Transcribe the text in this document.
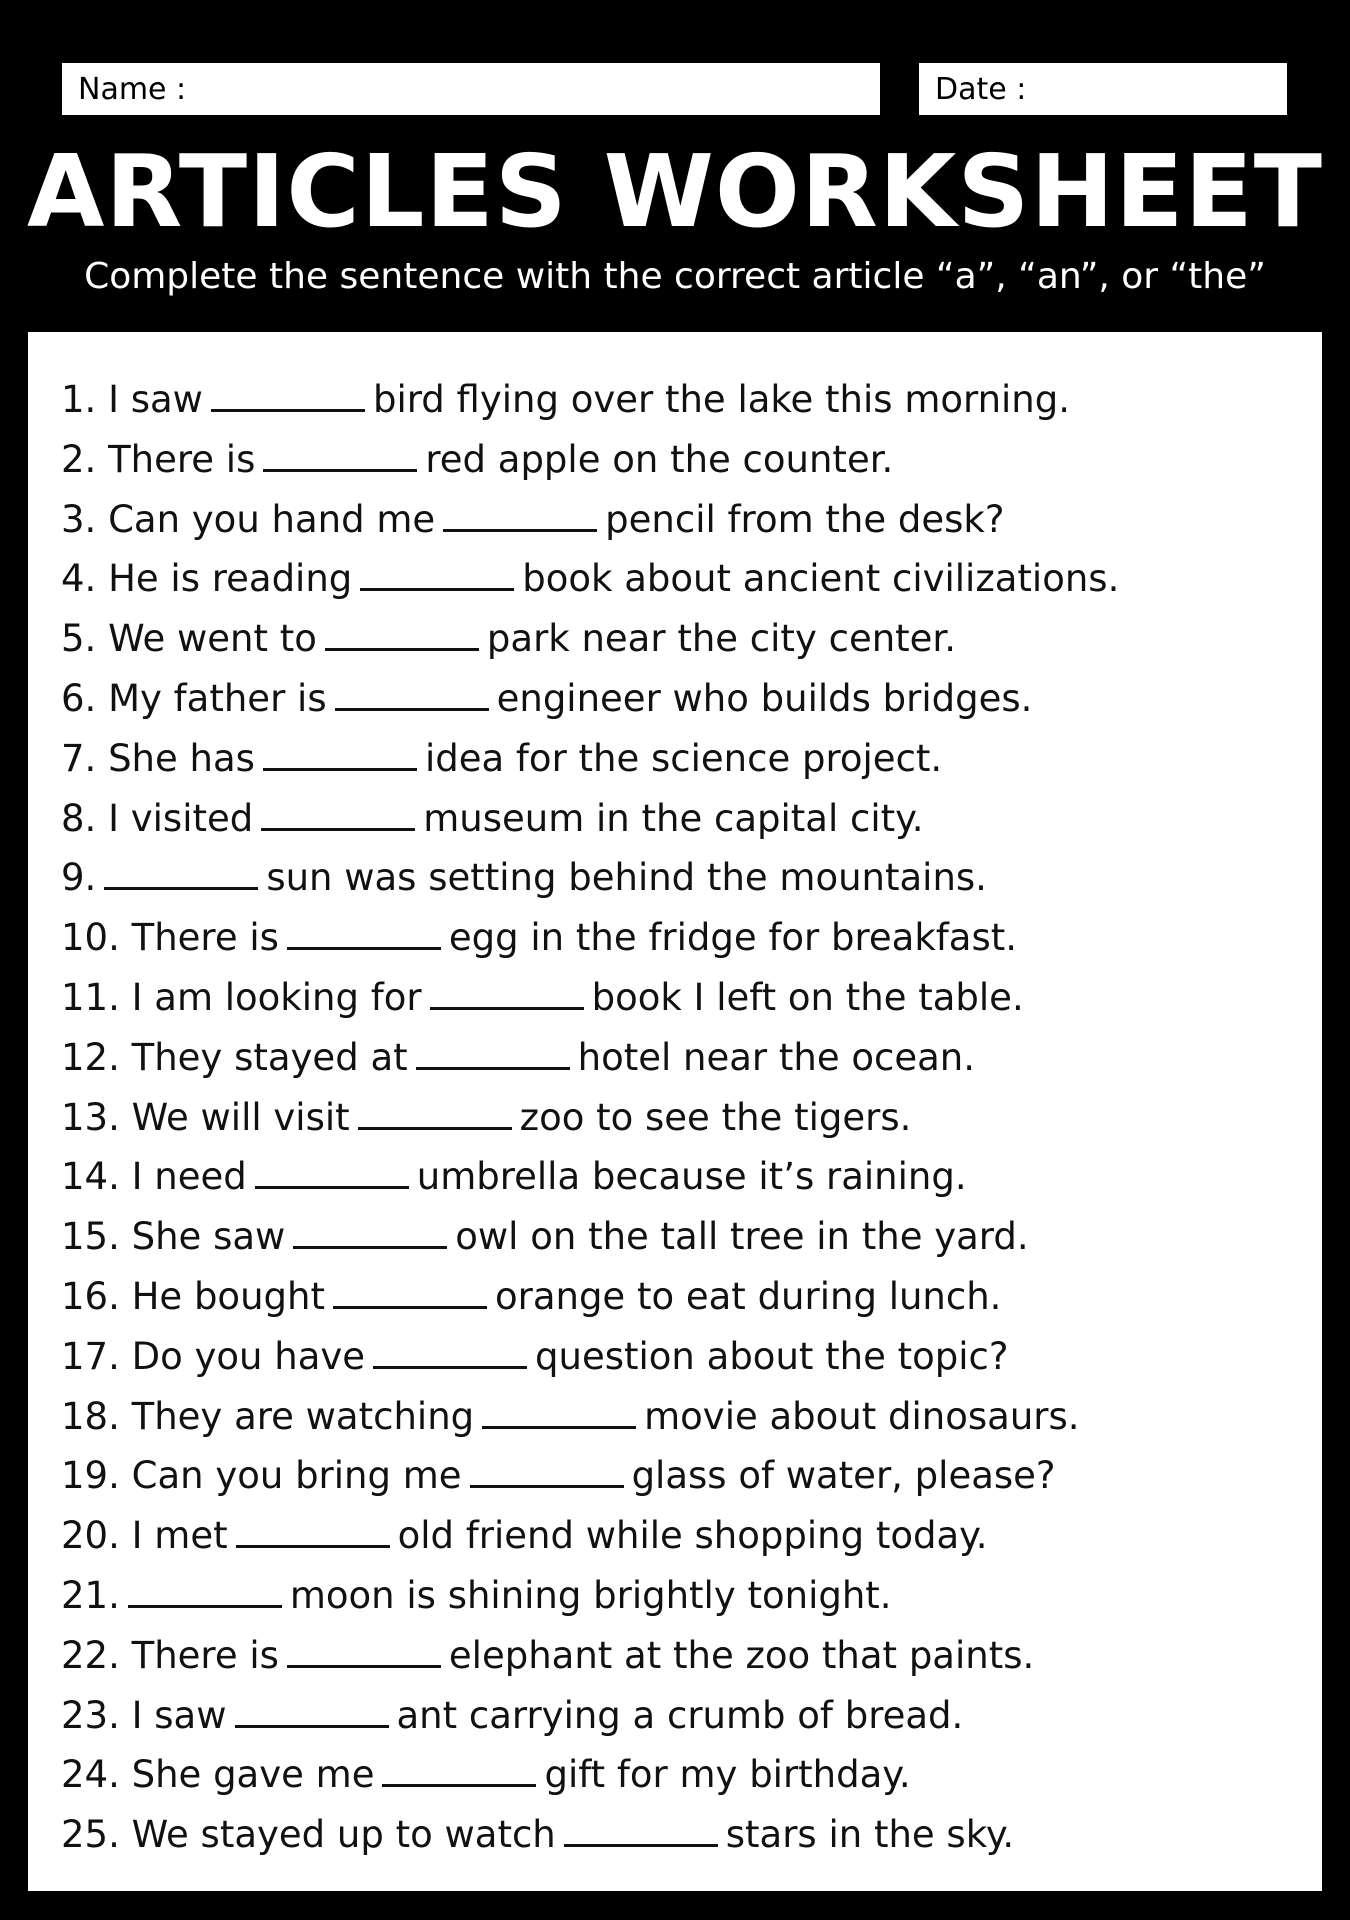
Name :	Date :
ARTICLES WORKSHEET

Complete the sentence with the correct article “a”, “an”, or “the”

1. I saw	bird flying over the lake this morning.
2. There is	red apple on the counter.
3. Can you hand me	pencil from the desk?
4. He is reading	book about ancient civilizations.
5. We went to	park near the city center.
6. My father is	engineer who builds bridges.
7. She has	idea for the science project.
8. I visited	museum in the capital city.
9.	sun was setting behind the mountains.
10. There is	egg in the fridge for breakfast.
11. I am looking for	book I left on the table.
12. They stayed at	hotel near the ocean.
13. We will visit	zoo to see the tigers.
14. I need	umbrella because it’s raining.
15. She saw	owl on the tall tree in the yard.
16. He bought	orange to eat during lunch.
17. Do you have	question about the topic?
18. They are watching	movie about dinosaurs.
19. Can you bring me	glass of water, please?
20. I met	old friend while shopping today.
21.	moon is shining brightly tonight.
22. There is	elephant at the zoo that paints.
23. I saw	ant carrying a crumb of bread.
24. She gave me	gift for my birthday.
25. We stayed up to watch	stars in the sky.
